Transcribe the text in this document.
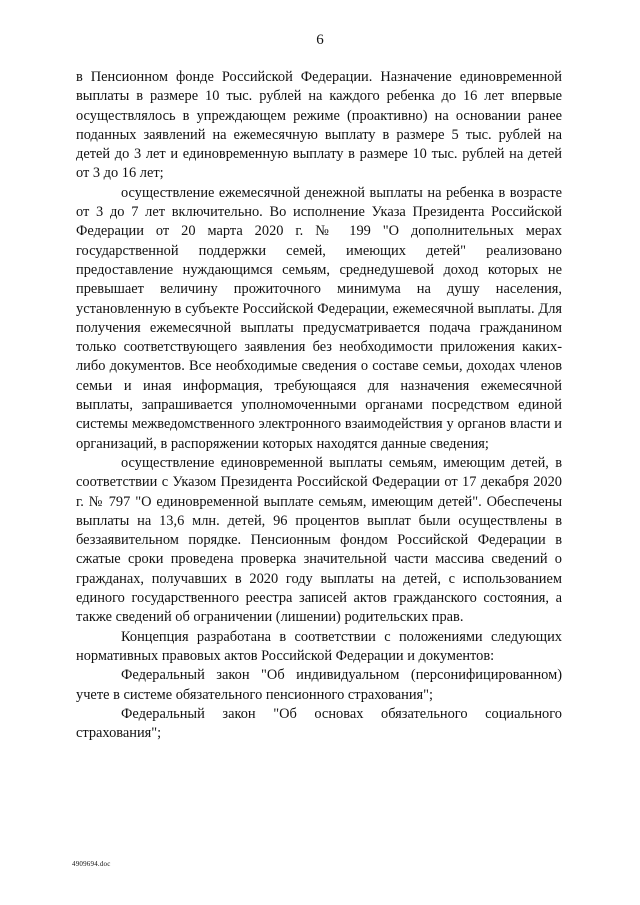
6

в Пенсионном фонде Российской Федерации. Назначение единовременной выплаты в размере 10 тыс. рублей на каждого ребенка до 16 лет впервые осуществлялось в упреждающем режиме (проактивно) на основании ранее поданных заявлений на ежемесячную выплату в размере 5 тыс. рублей на детей до 3 лет и единовременную выплату в размере 10 тыс. рублей на детей от 3 до 16 лет;

осуществление ежемесячной денежной выплаты на ребенка в возрасте от 3 до 7 лет включительно. Во исполнение Указа Президента Российской Федерации от 20 марта 2020 г. № 199 "О дополнительных мерах государственной поддержки семей, имеющих детей" реализовано предоставление нуждающимся семьям, среднедушевой доход которых не превышает величину прожиточного минимума на душу населения, установленную в субъекте Российской Федерации, ежемесячной выплаты. Для получения ежемесячной выплаты предусматривается подача гражданином только соответствующего заявления без необходимости приложения каких-либо документов. Все необходимые сведения о составе семьи, доходах членов семьи и иная информация, требующаяся для назначения ежемесячной выплаты, запрашивается уполномоченными органами посредством единой системы межведомственного электронного взаимодействия у органов власти и организаций, в распоряжении которых находятся данные сведения;

осуществление единовременной выплаты семьям, имеющим детей, в соответствии с Указом Президента Российской Федерации от 17 декабря 2020 г. № 797 "О единовременной выплате семьям, имеющим детей". Обеспечены выплаты на 13,6 млн. детей, 96 процентов выплат были осуществлены в беззаявительном порядке. Пенсионным фондом Российской Федерации в сжатые сроки проведена проверка значительной части массива сведений о гражданах, получавших в 2020 году выплаты на детей, с использованием единого государственного реестра записей актов гражданского состояния, а также сведений об ограничении (лишении) родительских прав.

Концепция разработана в соответствии с положениями следующих нормативных правовых актов Российской Федерации и документов:

Федеральный закон "Об индивидуальном (персонифицированном) учете в системе обязательного пенсионного страхования";

Федеральный закон "Об основах обязательного социального страхования";

4909694.doc
